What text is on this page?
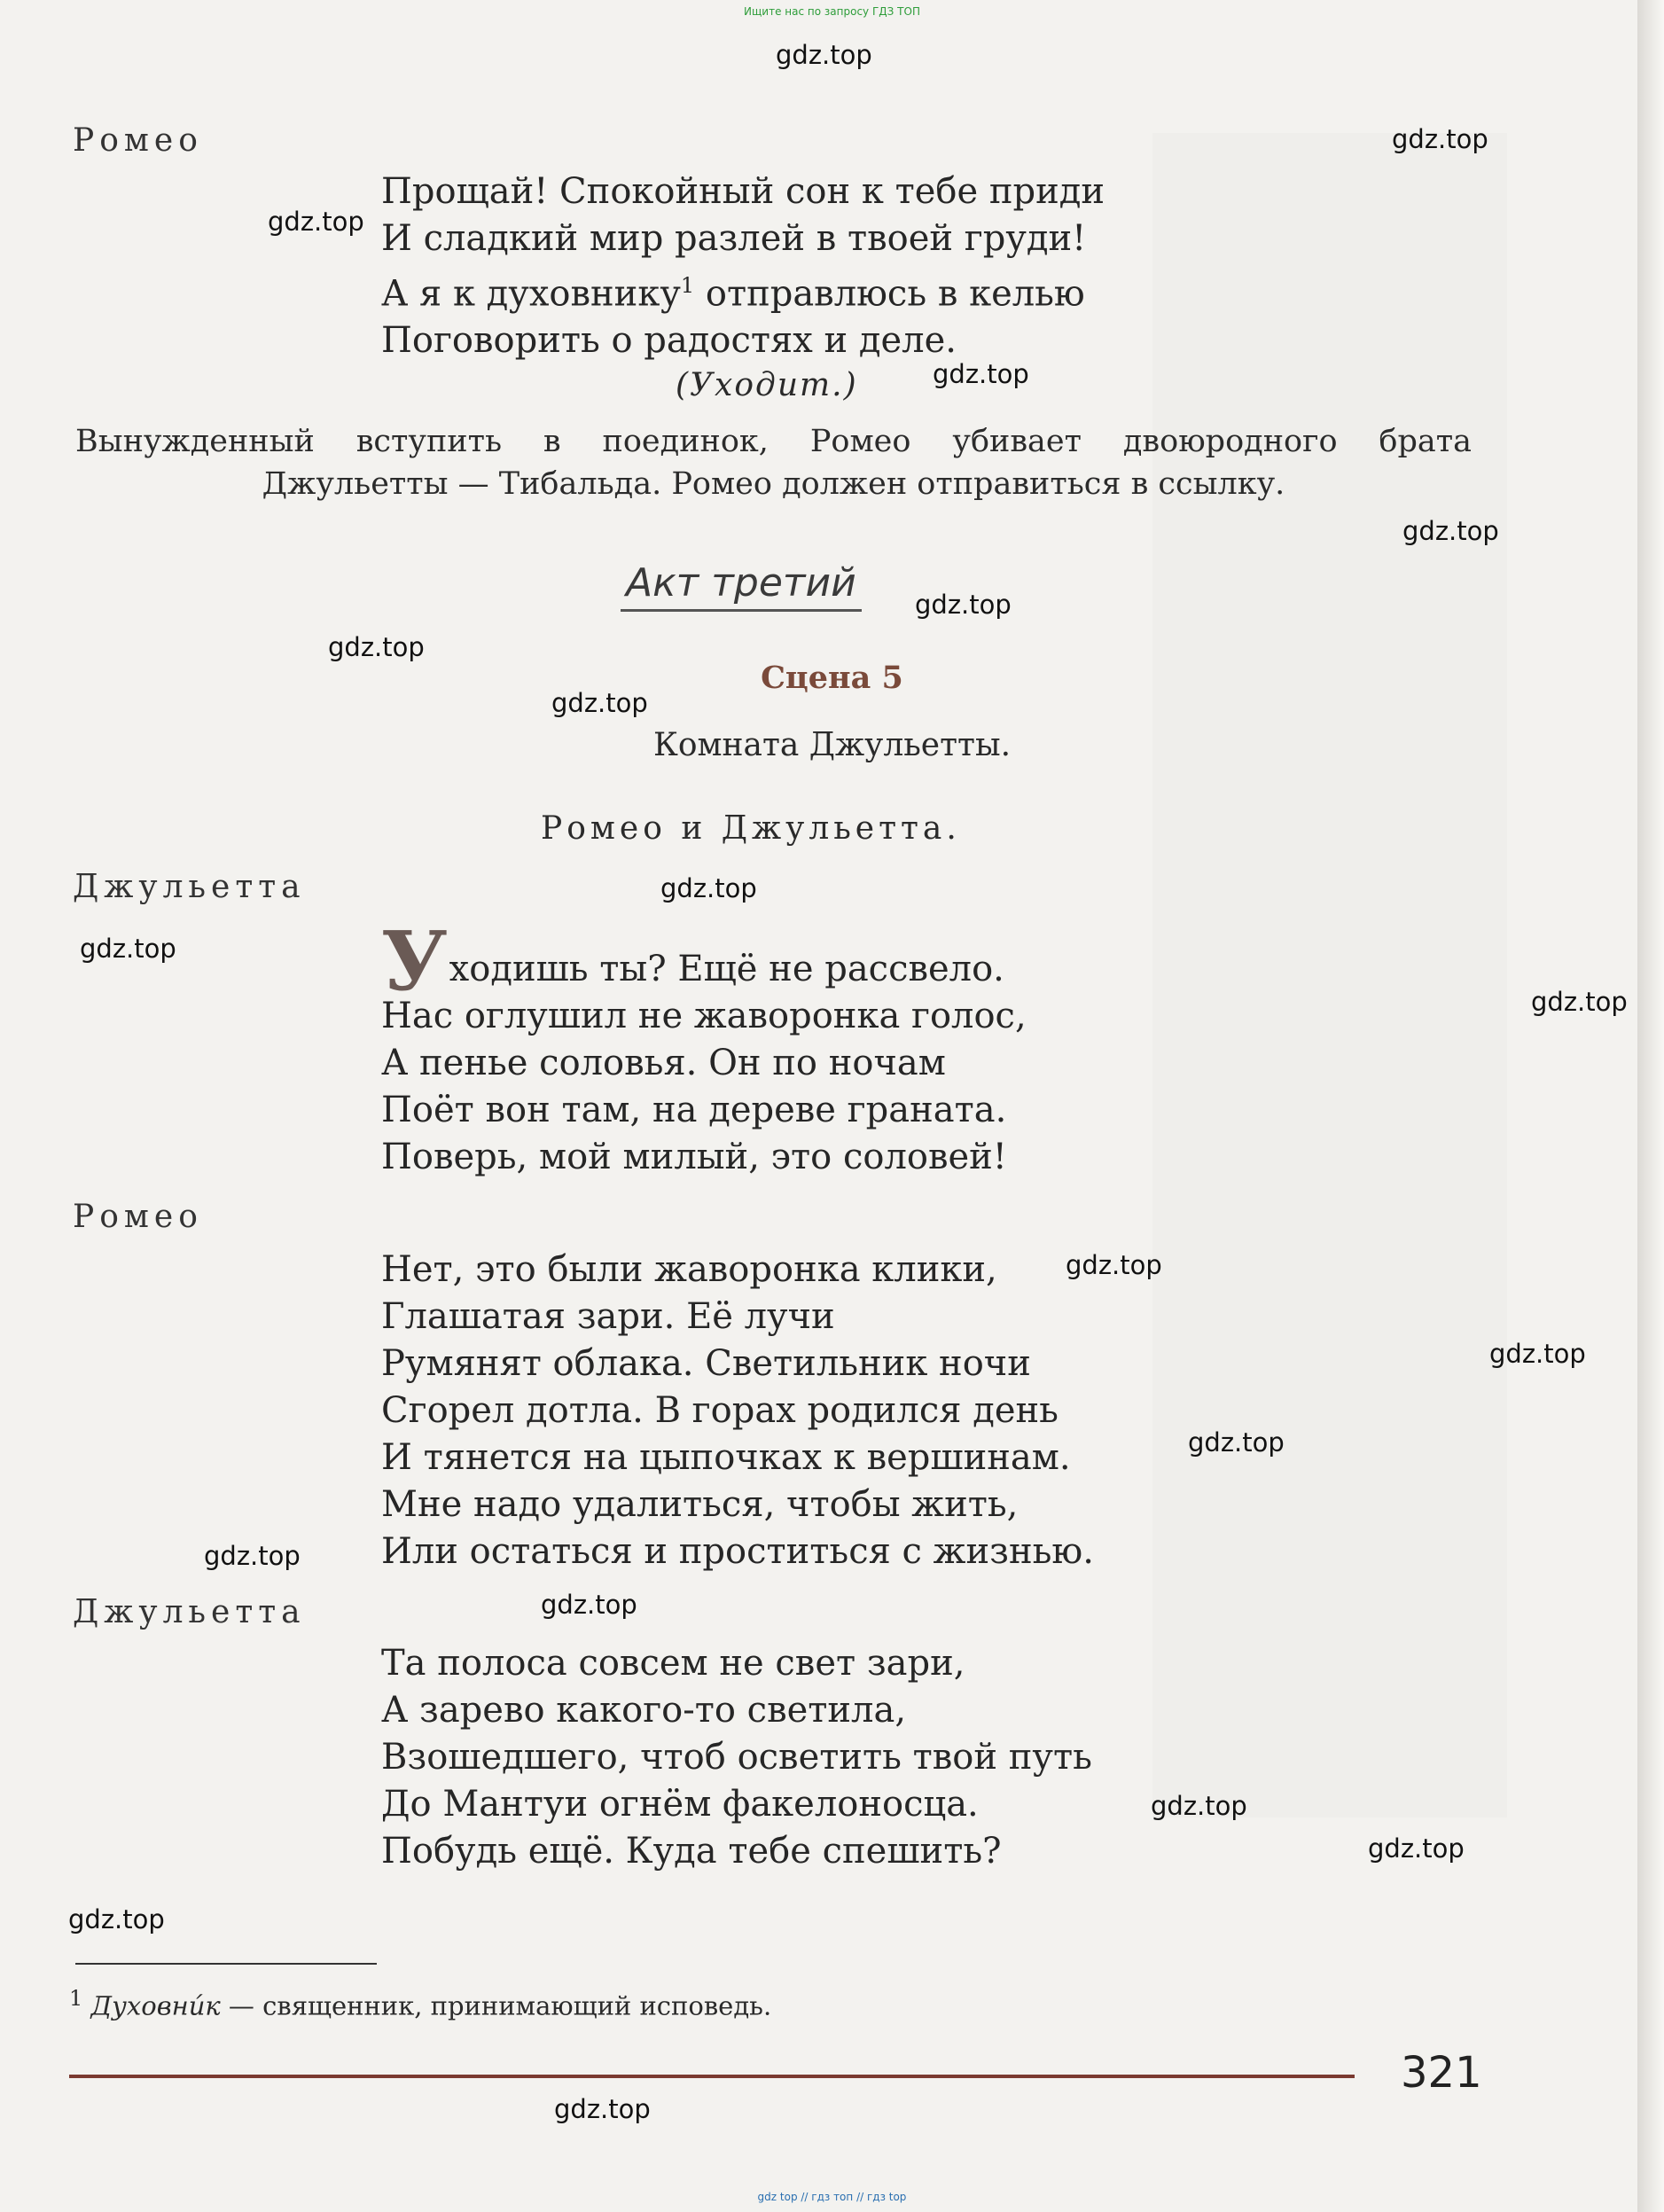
Ищите нас по запросу ГДЗ ТОП
gdz.top
gdz.top
gdz.top
gdz.top
gdz.top
gdz.top
gdz.top
gdz.top
gdz.top
gdz.top
gdz.top
gdz.top
gdz.top
gdz.top
gdz.top
gdz.top
gdz.top
gdz.top
gdz.top
gdz.top
Ромео
Прощай! Спокойный сон к тебе приди
И сладкий мир разлей в твоей груди!
А я к духовнику$^1$ отправлюсь в келью
Поговорить о радостях и деле.
(Уходит.)
Вынужденный вступить в поединок, Ромео убивает двоюродного брата
Джульетты — Тибальда. Ромео должен отправиться в ссылку.
Акт третий
Сцена 5
Комната Джульетты.
Ромео и Джульетта.
Джульетта
Уходишь ты? Ещё не рассвело.
Нас оглушил не жаворонка голос,
А пенье соловья. Он по ночам
Поёт вон там, на дереве граната.
Поверь, мой милый, это соловей!
Ромео
Нет, это были жаворонка клики,
Глашатая зари. Её лучи
Румянят облака. Светильник ночи
Сгорел дотла. В горах родился день
И тянется на цыпочках к вершинам.
Мне надо удалиться, чтобы жить,
Или остаться и проститься с жизнью.
Джульетта
Та полоса совсем не свет зари,
А зарево какого-то светила,
Взошедшего, чтоб осветить твой путь
До Мантуи огнём факелоносца.
Побудь ещё. Куда тебе спешить?
$^1$ Духовни́к — священник, принимающий исповедь.
321
gdz top // гдз топ // гдз top
